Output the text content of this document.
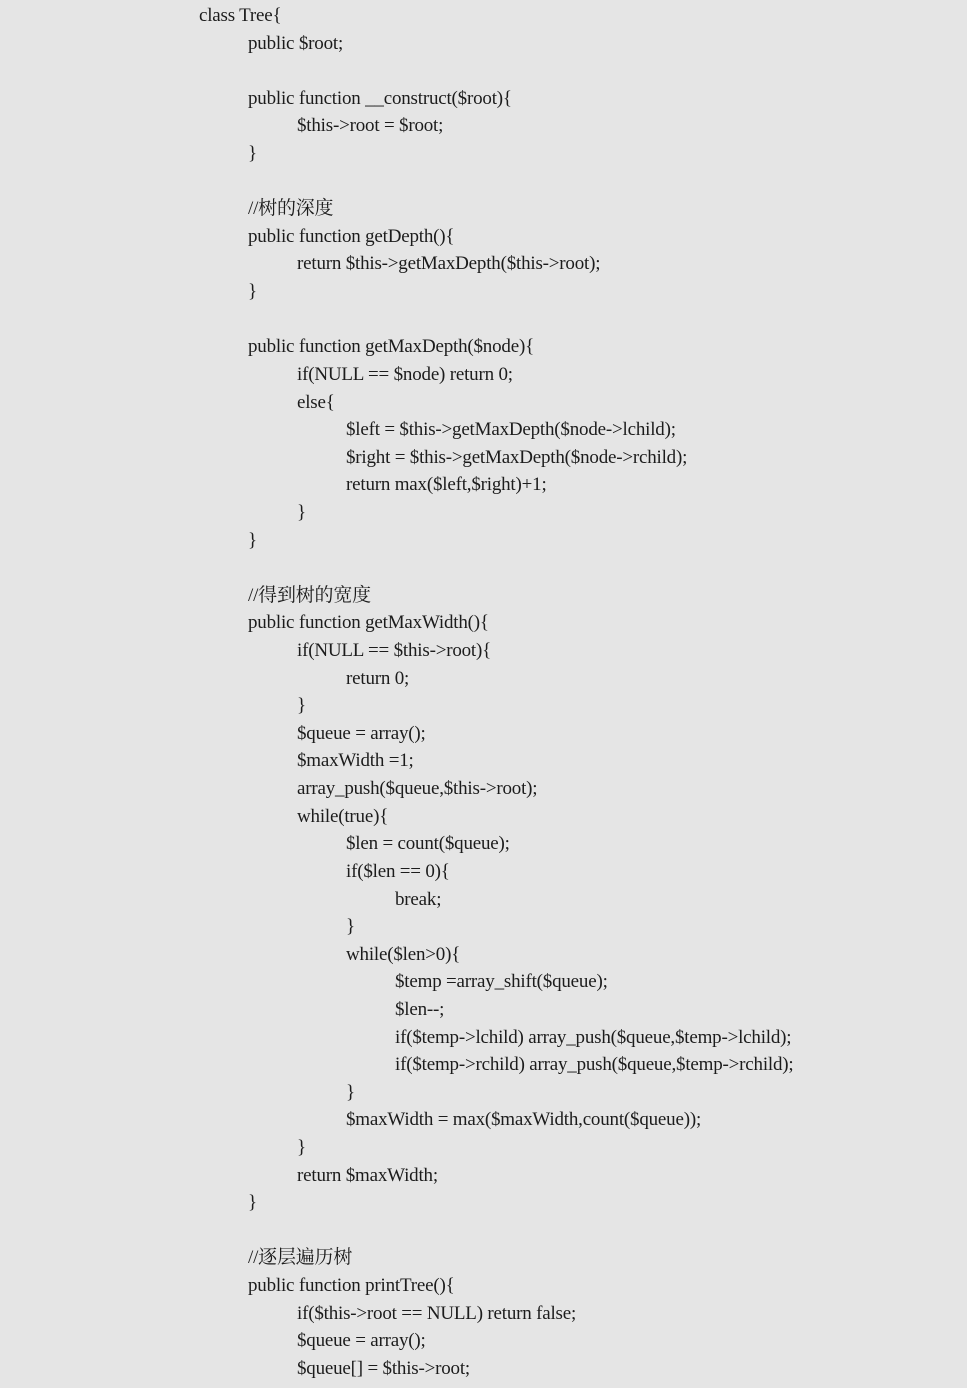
class Tree{
public $root;
public function __construct($root){
$this->root = $root;
}
//树的深度
public function getDepth(){
return $this->getMaxDepth($this->root);
}
public function getMaxDepth($node){
if(NULL == $node) return 0;
else{
$left = $this->getMaxDepth($node->lchild);
$right = $this->getMaxDepth($node->rchild);
return max($left,$right)+1;
}
}
//得到树的宽度
public function getMaxWidth(){
if(NULL == $this->root){
return 0;
}
$queue = array();
$maxWidth =1;
array_push($queue,$this->root);
while(true){
$len = count($queue);
if($len == 0){
break;
}
while($len>0){
$temp =array_shift($queue);
$len--;
if($temp->lchild) array_push($queue,$temp->lchild);
if($temp->rchild) array_push($queue,$temp->rchild);
}
$maxWidth = max($maxWidth,count($queue));
}
return $maxWidth;
}
//逐层遍历树
public function printTree(){
if($this->root == NULL) return false;
$queue = array();
$queue[] = $this->root;
